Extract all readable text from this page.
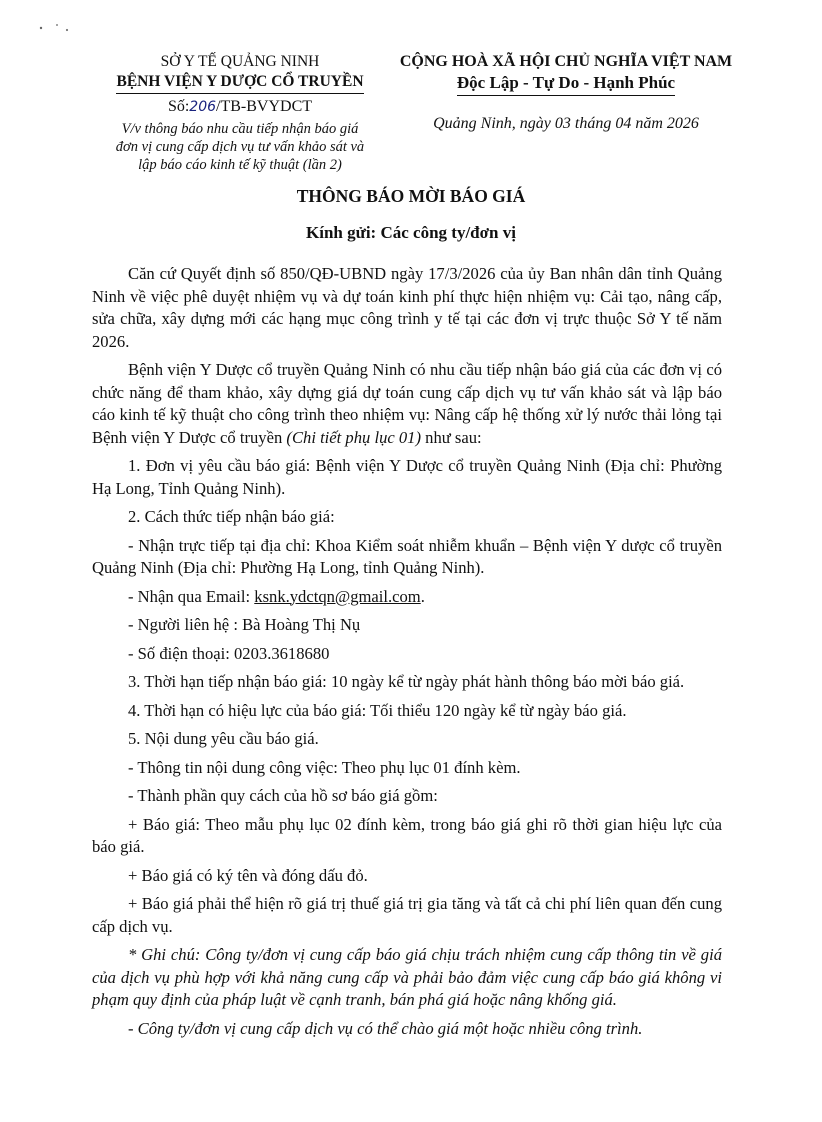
SỞ Y TẾ QUẢNG NINH
BỆNH VIỆN Y DƯỢC CỔ TRUYỀN
Số:206/TB-BVYDCT
V/v thông báo nhu cầu tiếp nhận báo giá
đơn vị cung cấp dịch vụ tư vấn khảo sát và
lập báo cáo kinh tế kỹ thuật (lần 2)
CỘNG HOÀ XÃ HỘI CHỦ NGHĨA VIỆT NAM
Độc Lập - Tự Do - Hạnh Phúc
Quảng Ninh, ngày 03 tháng 04 năm 2026
THÔNG BÁO MỜI BÁO GIÁ
Kính gửi: Các công ty/đơn vị

Căn cứ Quyết định số 850/QĐ-UBND ngày 17/3/2026 của ủy Ban nhân dân tỉnh Quảng Ninh về việc phê duyệt nhiệm vụ và dự toán kinh phí thực hiện nhiệm vụ: Cải tạo, nâng cấp, sửa chữa, xây dựng mới các hạng mục công trình y tế tại các đơn vị trực thuộc Sở Y tế năm 2026.

Bệnh viện Y Dược cổ truyền Quảng Ninh có nhu cầu tiếp nhận báo giá của các đơn vị có chức năng để tham khảo, xây dựng giá dự toán cung cấp dịch vụ tư vấn khảo sát và lập báo cáo kinh tế kỹ thuật cho công trình theo nhiệm vụ: Nâng cấp hệ thống xử lý nước thải lỏng tại Bệnh viện Y Dược cổ truyền (Chi tiết phụ lục 01) như sau:

1. Đơn vị yêu cầu báo giá: Bệnh viện Y Dược cổ truyền Quảng Ninh (Địa chỉ: Phường Hạ Long, Tỉnh Quảng Ninh).

2. Cách thức tiếp nhận báo giá:

- Nhận trực tiếp tại địa chỉ: Khoa Kiểm soát nhiễm khuẩn – Bệnh viện Y dược cổ truyền Quảng Ninh (Địa chỉ: Phường Hạ Long, tỉnh Quảng Ninh).

- Nhận qua Email: ksnk.ydctqn@gmail.com.

- Người liên hệ : Bà Hoàng Thị Nụ

- Số điện thoại: 0203.3618680

3. Thời hạn tiếp nhận báo giá: 10 ngày kể từ ngày phát hành thông báo mời báo giá.

4. Thời hạn có hiệu lực của báo giá: Tối thiểu 120 ngày kể từ ngày báo giá.

5. Nội dung yêu cầu báo giá.

- Thông tin nội dung công việc: Theo phụ lục 01 đính kèm.

- Thành phần quy cách của hồ sơ báo giá gồm:

+ Báo giá: Theo mẫu phụ lục 02 đính kèm, trong báo giá ghi rõ thời gian hiệu lực của báo giá.

+ Báo giá có ký tên và đóng dấu đỏ.

+ Báo giá phải thể hiện rõ giá trị thuế giá trị gia tăng và tất cả chi phí liên quan đến cung cấp dịch vụ.

* Ghi chú: Công ty/đơn vị cung cấp báo giá chịu trách nhiệm cung cấp thông tin về giá của dịch vụ phù hợp với khả năng cung cấp và phải bảo đảm việc cung cấp báo giá không vi phạm quy định của pháp luật về cạnh tranh, bán phá giá hoặc nâng khống giá.

- Công ty/đơn vị cung cấp dịch vụ có thể chào giá một hoặc nhiều công trình.
